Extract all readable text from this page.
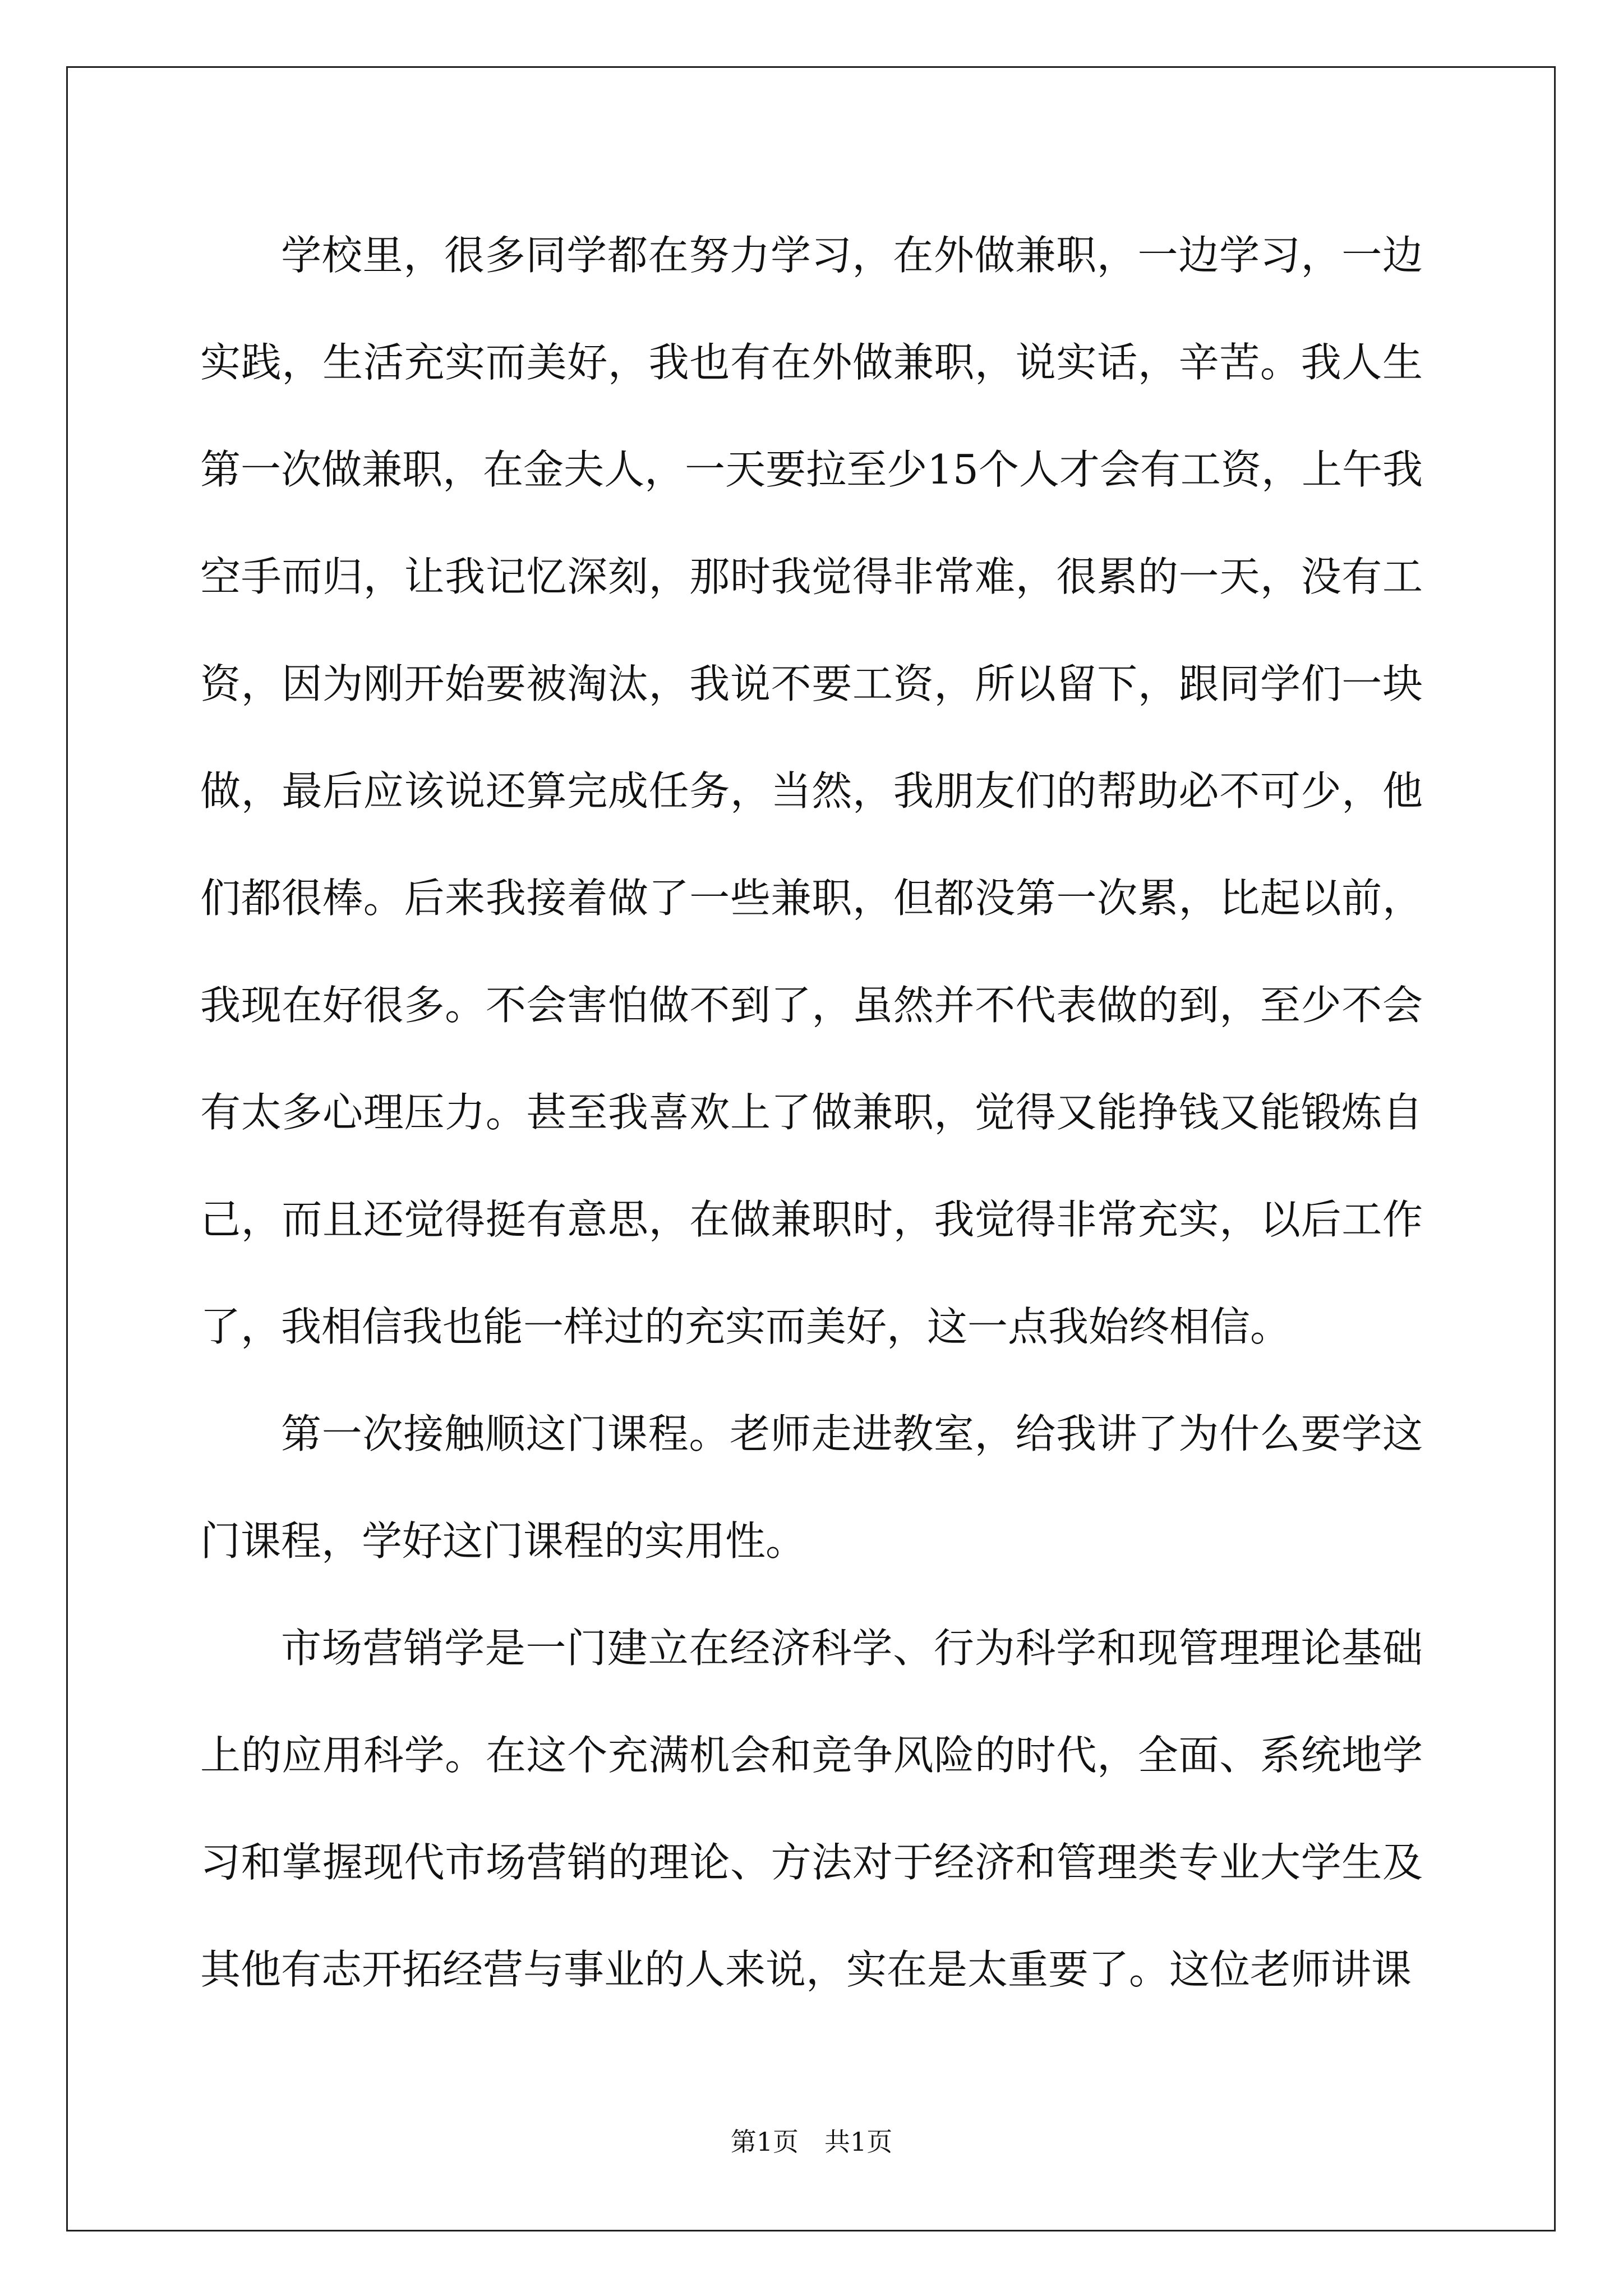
学校里，很多同学都在努力学习，在外做兼职，一边学习，一边实践，生活充实而美好，我也有在外做兼职，说实话，辛苦。我人生第一次做兼职，在金夫人，一天要拉至少15个人才会有工资，上午我空手而归，让我记忆深刻，那时我觉得非常难，很累的一天，没有工资，因为刚开始要被淘汰，我说不要工资，所以留下，跟同学们一块做，最后应该说还算完成任务，当然，我朋友们的帮助必不可少，他们都很棒。后来我接着做了一些兼职，但都没第一次累，比起以前，我现在好很多。不会害怕做不到了，虽然并不代表做的到，至少不会有太多心理压力。甚至我喜欢上了做兼职，觉得又能挣钱又能锻炼自己，而且还觉得挺有意思，在做兼职时，我觉得非常充实，以后工作了，我相信我也能一样过的充实而美好，这一点我始终相信。

第一次接触顺这门课程。老师走进教室，给我讲了为什么要学这门课程，学好这门课程的实用性。

市场营销学是一门建立在经济科学、行为科学和现管理理论基础上的应用科学。在这个充满机会和竞争风险的时代，全面、系统地学习和掌握现代市场营销的理论、方法对于经济和管理类专业大学生及其他有志开拓经营与事业的人来说，实在是太重要了。这位老师讲课

第1页　共1页
